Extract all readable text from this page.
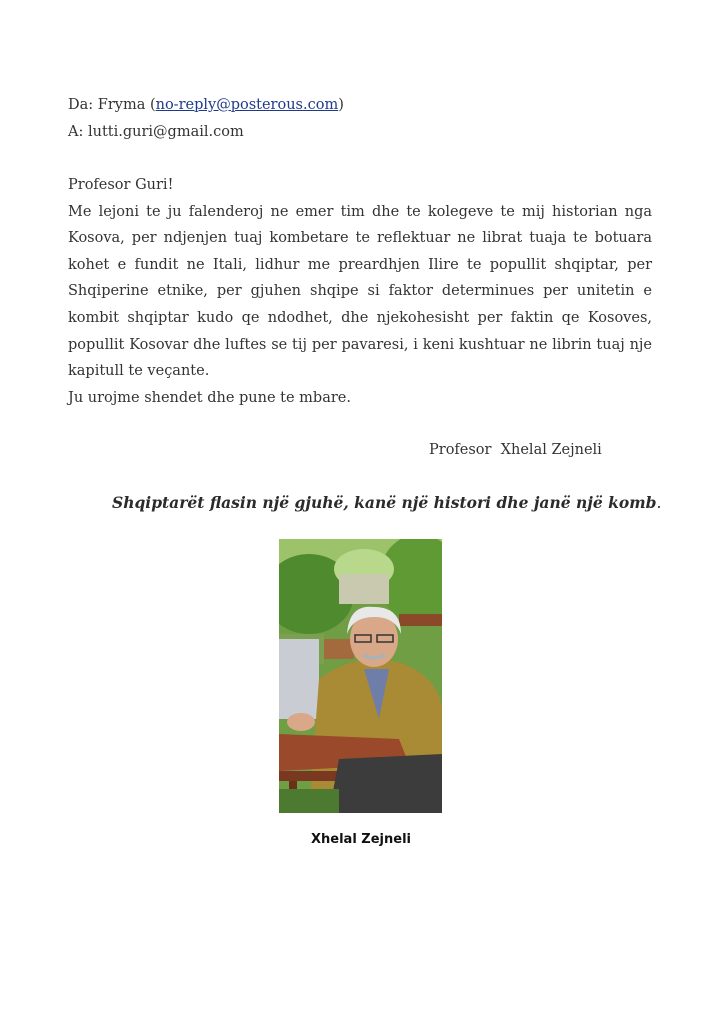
Da: Fryma (no-reply@posterous.com)
A: lutti.guri@gmail.com

Profesor Guri!

Me lejoni te ju falenderoj ne emer tim dhe te kolegeve te mij historian nga Kosova, per ndjenjen tuaj kombetare te reflektuar ne librat tuaja te botuara kohet e fundit ne Itali, lidhur me preardhjen Ilire te popullit shqiptar, per Shqiperine etnike, per gjuhen shqipe si faktor determinues per unitetin e kombit shqiptar kudo qe ndodhet, dhe njekohesisht per faktin qe Kosoves, popullit Kosovar dhe luftes se tij per pavaresi, i keni kushtuar ne librin tuaj nje kapitull te veçante.

Ju urojme shendet dhe pune te mbare.

Profesor  Xhelal Zejneli
Shqiptarët flasin një gjuhë, kanë një histori dhe janë një komb.
Xhelal Zejneli
